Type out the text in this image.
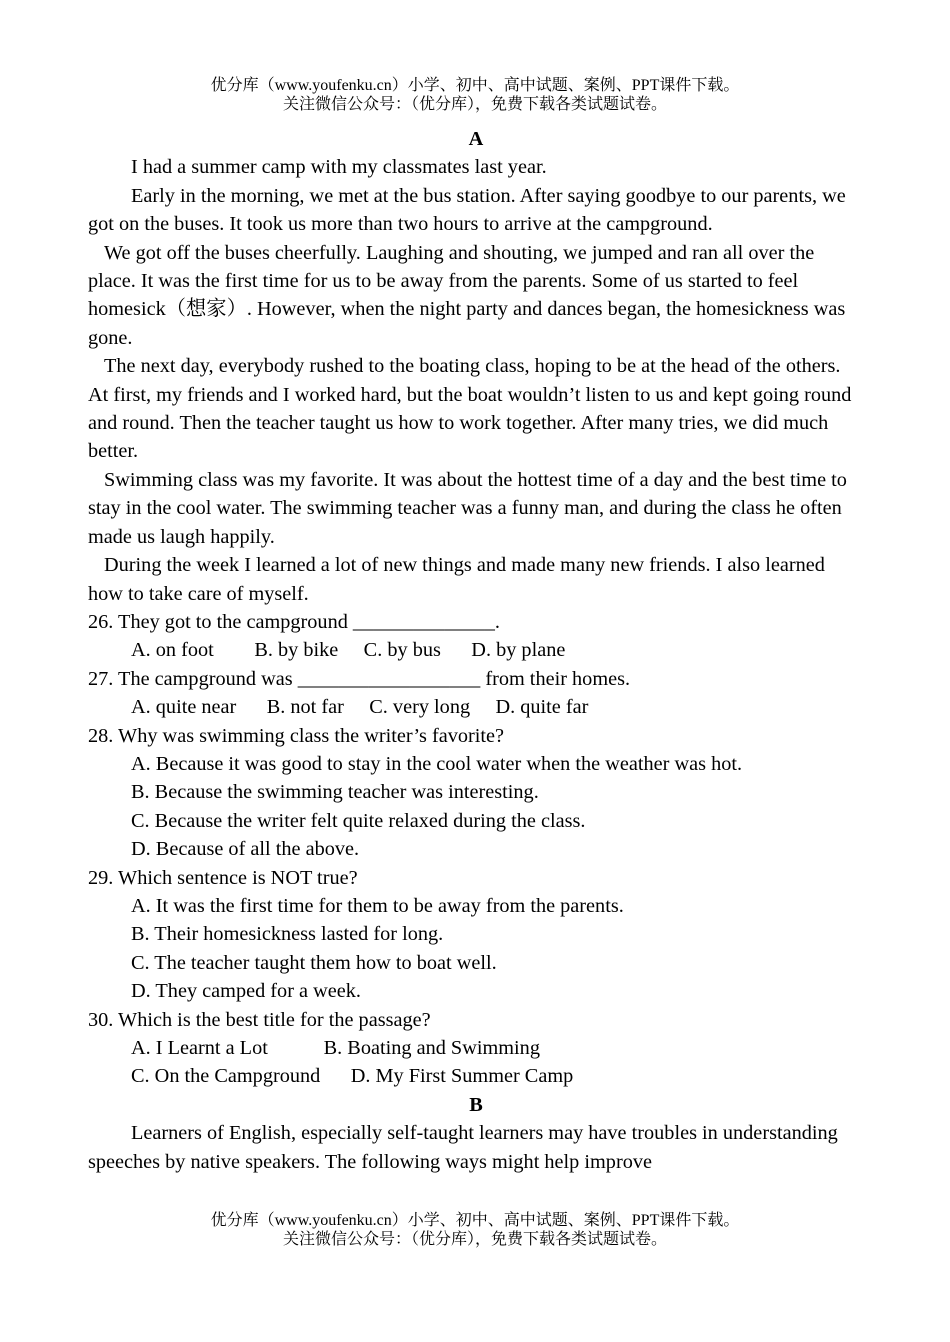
优分库（www.youfenku.cn）小学、初中、高中试题、案例、PPT课件下载。
关注微信公众号：（优分库），免费下载各类试题试卷。

A

I had a summer camp with my classmates last year.

Early in the morning, we met at the bus station. After saying goodbye to our parents, we got on the buses. It took us more than two hours to arrive at the campground.

We got off the buses cheerfully. Laughing and shouting, we jumped and ran all over the place. It was the first time for us to be away from the parents. Some of us started to feel homesick（想家）. However, when the night party and dances began, the homesickness was gone.

The next day, everybody rushed to the boating class, hoping to be at the head of the others. At first, my friends and I worked hard, but the boat wouldn’t listen to us and kept going round and round. Then the teacher taught us how to work together. After many tries, we did much better.

Swimming class was my favorite. It was about the hottest time of a day and the best time to stay in the cool water. The swimming teacher was a funny man, and during the class he often made us laugh happily.

During the week I learned a lot of new things and made many new friends. I also learned how to take care of myself.

26. They got to the campground ______________.

A. on foot B. by bike C. by bus D. by plane

27. The campground was __________________ from their homes.

A. quite near B. not far C. very long D. quite far

28. Why was swimming class the writer’s favorite?

A. Because it was good to stay in the cool water when the weather was hot.

B. Because the swimming teacher was interesting.

C. Because the writer felt quite relaxed during the class.

D. Because of all the above.

29. Which sentence is NOT true?

A. It was the first time for them to be away from the parents.

B. Their homesickness lasted for long.

C. The teacher taught them how to boat well.

D. They camped for a week.

30. Which is the best title for the passage?

A. I Learnt a Lot	B. Boating and Swimming

C. On the Campground D. My First Summer Camp

B

Learners of English, especially self-taught learners may have troubles in understanding speeches by native speakers. The following ways might help improve

优分库（www.youfenku.cn）小学、初中、高中试题、案例、PPT课件下载。
关注微信公众号：（优分库），免费下载各类试题试卷。
